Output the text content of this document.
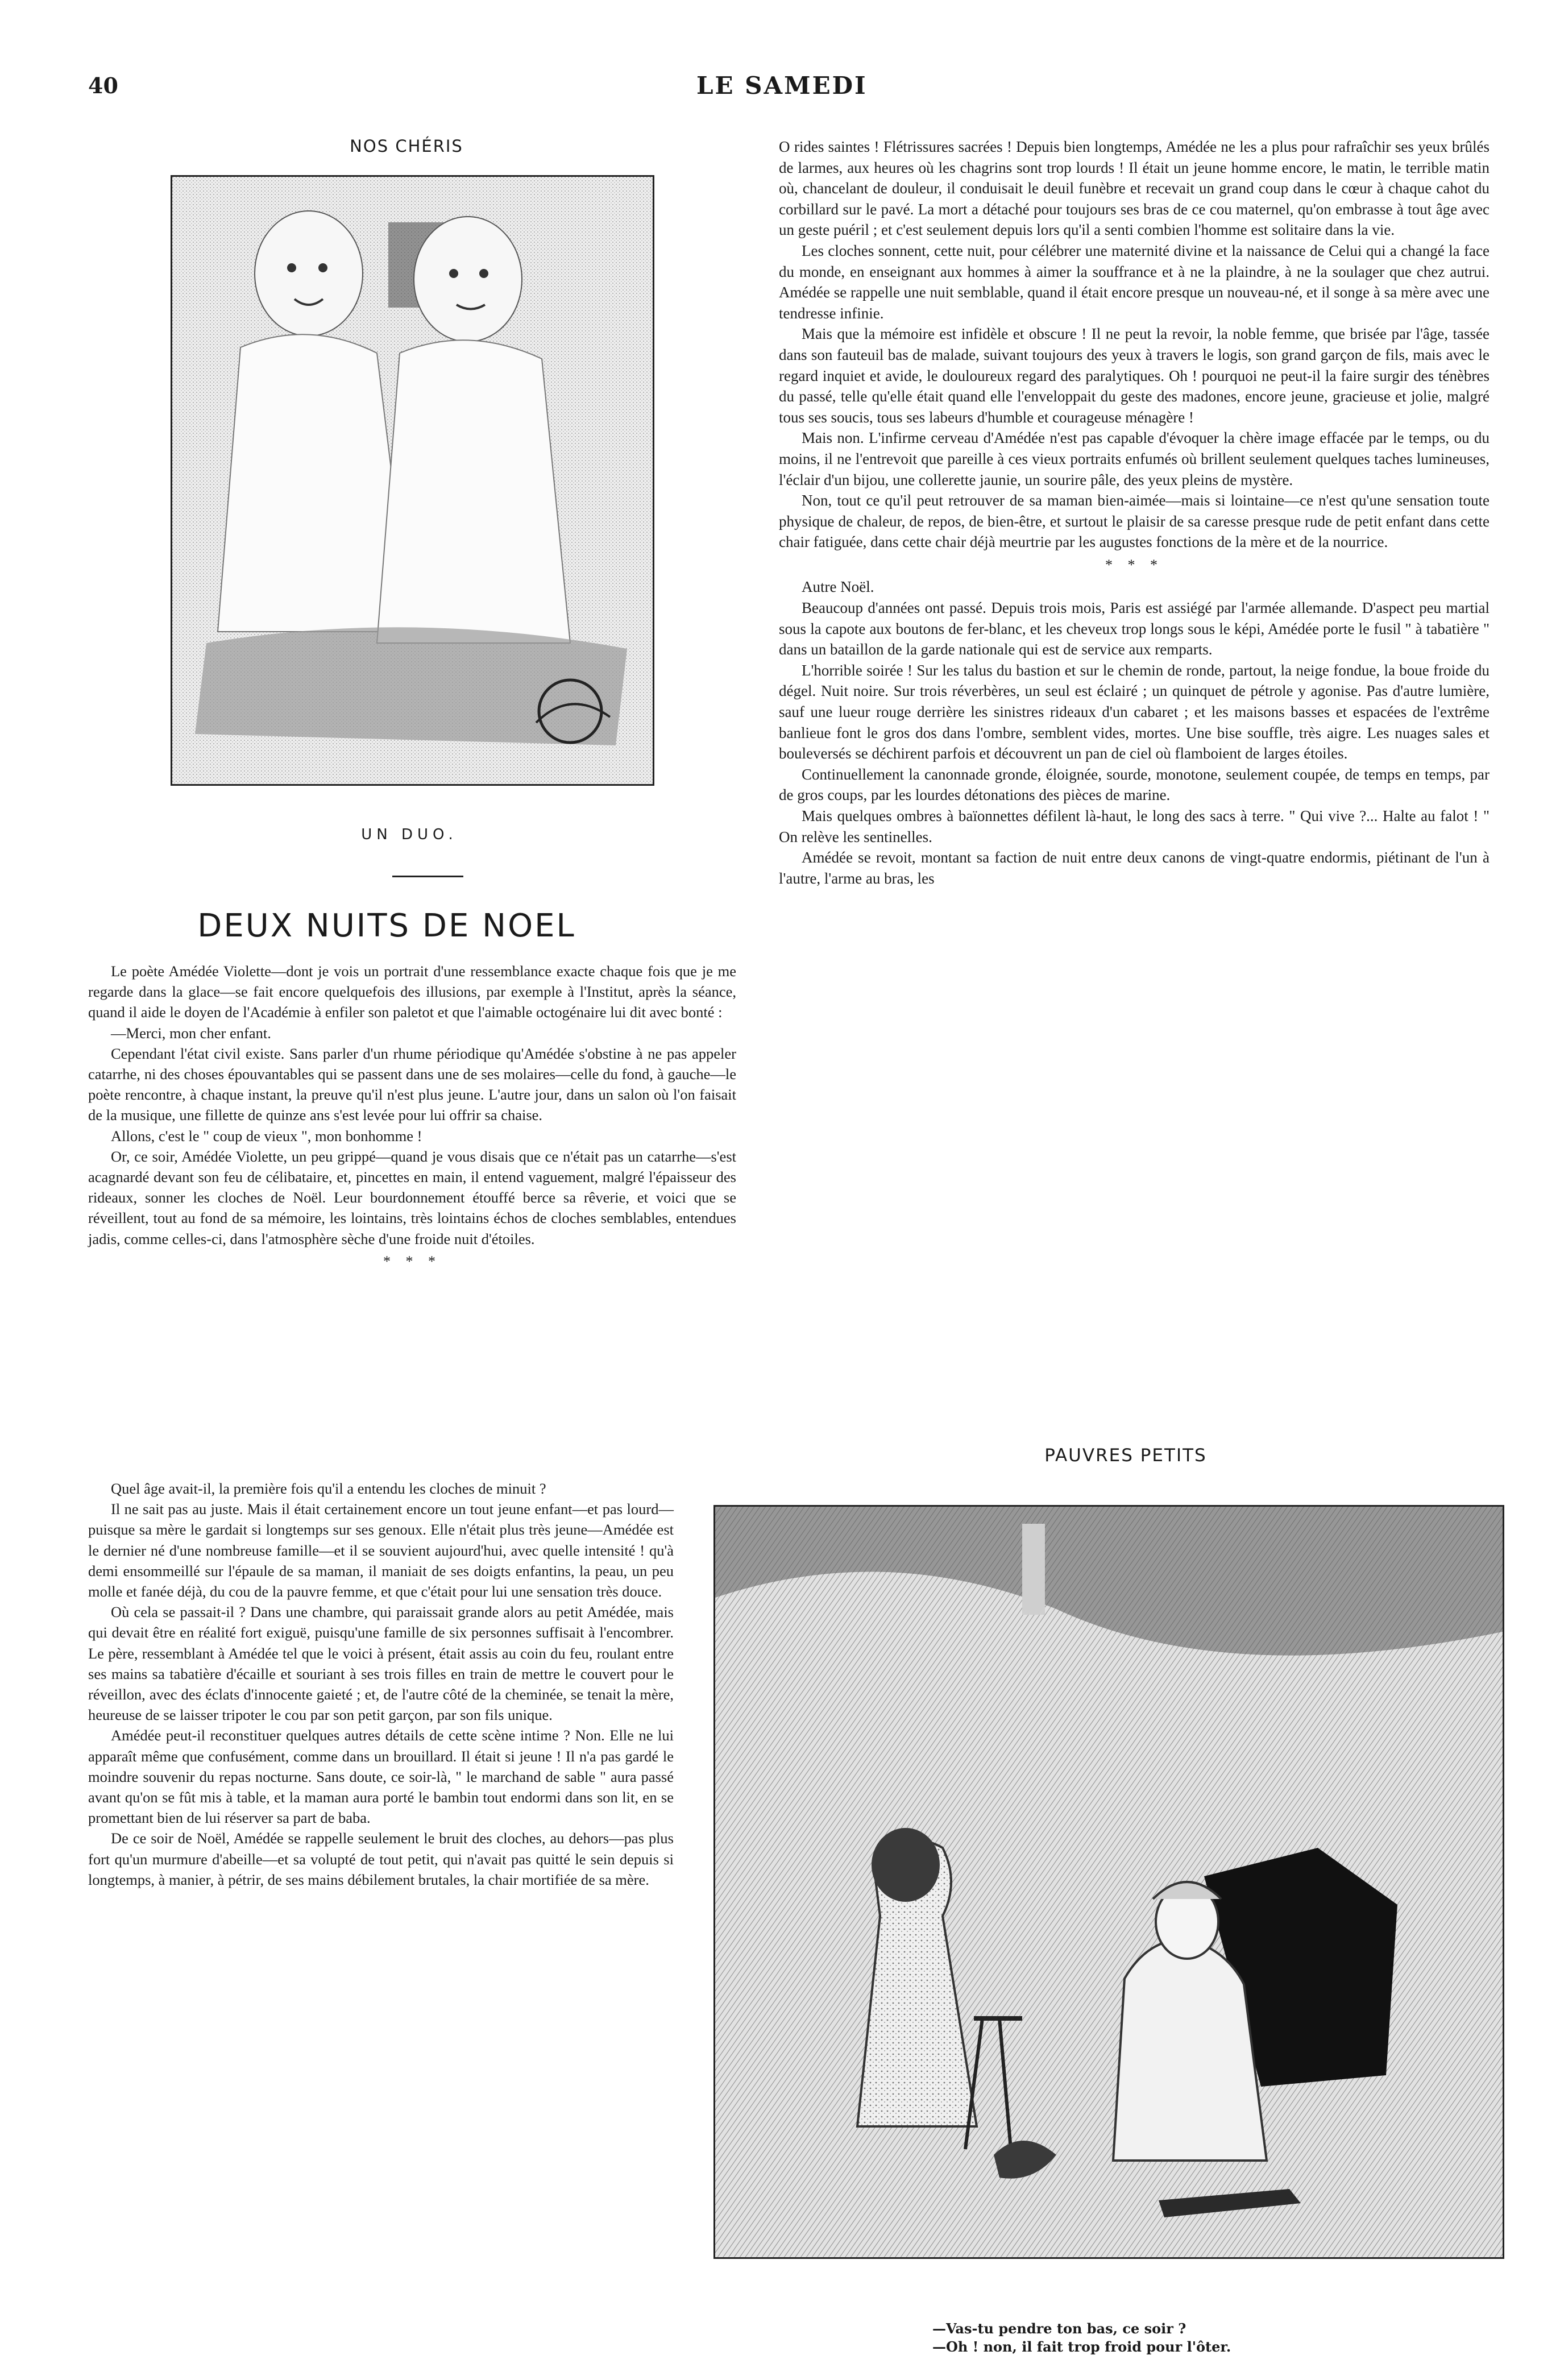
40	LE SAMEDI
NOS CHÉRIS
UN DUO.
DEUX NUITS DE NOEL

Le poète Amédée Violette—dont je vois un portrait d'une ressemblance exacte chaque fois que je me regarde dans la glace—se fait encore quelquefois des illusions, par exemple à l'Institut, après la séance, quand il aide le doyen de l'Académie à enfiler son paletot et que l'aimable octogénaire lui dit avec bonté :

—Merci, mon cher enfant.

Cependant l'état civil existe. Sans parler d'un rhume périodique qu'Amédée s'obstine à ne pas appeler catarrhe, ni des choses épouvantables qui se passent dans une de ses molaires—celle du fond, à gauche—le poète rencontre, à chaque instant, la preuve qu'il n'est plus jeune. L'autre jour, dans un salon où l'on faisait de la musique, une fillette de quinze ans s'est levée pour lui offrir sa chaise.

Allons, c'est le " coup de vieux ", mon bonhomme !

Or, ce soir, Amédée Violette, un peu grippé—quand je vous disais que ce n'était pas un catarrhe—s'est acagnardé devant son feu de célibataire, et, pincettes en main, il entend vaguement, malgré l'épaisseur des rideaux, sonner les cloches de Noël. Leur bourdonnement étouffé berce sa rêverie, et voici que se réveillent, tout au fond de sa mémoire, les lointains, très lointains échos de cloches semblables, entendues jadis, comme celles-ci, dans l'atmosphère sèche d'une froide nuit d'étoiles.

* * *

Quel âge avait-il, la première fois qu'il a entendu les cloches de minuit ?

Il ne sait pas au juste. Mais il était certainement encore un tout jeune enfant—et pas lourd—puisque sa mère le gardait si longtemps sur ses genoux. Elle n'était plus très jeune—Amédée est le dernier né d'une nombreuse famille—et il se souvient aujourd'hui, avec quelle intensité ! qu'à demi ensommeillé sur l'épaule de sa maman, il maniait de ses doigts enfantins, la peau, un peu molle et fanée déjà, du cou de la pauvre femme, et que c'était pour lui une sensation très douce.

Où cela se passait-il ? Dans une chambre, qui paraissait grande alors au petit Amédée, mais qui devait être en réalité fort exiguë, puisqu'une famille de six personnes suffisait à l'encombrer. Le père, ressemblant à Amédée tel que le voici à présent, était assis au coin du feu, roulant entre ses mains sa tabatière d'écaille et souriant à ses trois filles en train de mettre le couvert pour le réveillon, avec des éclats d'innocente gaieté ; et, de l'autre côté de la cheminée, se tenait la mère, heureuse de se laisser tripoter le cou par son petit garçon, par son fils unique.

Amédée peut-il reconstituer quelques autres détails de cette scène intime ? Non. Elle ne lui apparaît même que confusément, comme dans un brouillard. Il était si jeune ! Il n'a pas gardé le moindre souvenir du repas nocturne. Sans doute, ce soir-là, " le marchand de sable " aura passé avant qu'on se fût mis à table, et la maman aura porté le bambin tout endormi dans son lit, en se promettant bien de lui réserver sa part de baba.

De ce soir de Noël, Amédée se rappelle seulement le bruit des cloches, au dehors—pas plus fort qu'un murmure d'abeille—et sa volupté de tout petit, qui n'avait pas quitté le sein depuis si longtemps, à manier, à pétrir, de ses mains débilement brutales, la chair mortifiée de sa mère.

O rides saintes ! Flétrissures sacrées ! Depuis bien longtemps, Amédée ne les a plus pour rafraîchir ses yeux brûlés de larmes, aux heures où les chagrins sont trop lourds ! Il était un jeune homme encore, le matin, le terrible matin où, chancelant de douleur, il conduisait le deuil funèbre et recevait un grand coup dans le cœur à chaque cahot du corbillard sur le pavé. La mort a détaché pour toujours ses bras de ce cou maternel, qu'on embrasse à tout âge avec un geste puéril ; et c'est seulement depuis lors qu'il a senti combien l'homme est solitaire dans la vie.

Les cloches sonnent, cette nuit, pour célébrer une maternité divine et la naissance de Celui qui a changé la face du monde, en enseignant aux hommes à aimer la souffrance et à ne la plaindre, à ne la soulager que chez autrui. Amédée se rappelle une nuit semblable, quand il était encore presque un nouveau-né, et il songe à sa mère avec une tendresse infinie.

Mais que la mémoire est infidèle et obscure ! Il ne peut la revoir, la noble femme, que brisée par l'âge, tassée dans son fauteuil bas de malade, suivant toujours des yeux à travers le logis, son grand garçon de fils, mais avec le regard inquiet et avide, le douloureux regard des paralytiques. Oh ! pourquoi ne peut-il la faire surgir des ténèbres du passé, telle qu'elle était quand elle l'enveloppait du geste des madones, encore jeune, gracieuse et jolie, malgré tous ses soucis, tous ses labeurs d'humble et courageuse ménagère !

Mais non. L'infirme cerveau d'Amédée n'est pas capable d'évoquer la chère image effacée par le temps, ou du moins, il ne l'entrevoit que pareille à ces vieux portraits enfumés où brillent seulement quelques taches lumineuses, l'éclair d'un bijou, une collerette jaunie, un sourire pâle, des yeux pleins de mystère.

Non, tout ce qu'il peut retrouver de sa maman bien-aimée—mais si lointaine—ce n'est qu'une sensation toute physique de chaleur, de repos, de bien-être, et surtout le plaisir de sa caresse presque rude de petit enfant dans cette chair fatiguée, dans cette chair déjà meurtrie par les augustes fonctions de la mère et de la nourrice.

* * *

Autre Noël.

Beaucoup d'années ont passé. Depuis trois mois, Paris est assiégé par l'armée allemande. D'aspect peu martial sous la capote aux boutons de fer-blanc, et les cheveux trop longs sous le képi, Amédée porte le fusil " à tabatière " dans un bataillon de la garde nationale qui est de service aux remparts.

L'horrible soirée ! Sur les talus du bastion et sur le chemin de ronde, partout, la neige fondue, la boue froide du dégel. Nuit noire. Sur trois réverbères, un seul est éclairé ; un quinquet de pétrole y agonise. Pas d'autre lumière, sauf une lueur rouge derrière les sinistres rideaux d'un cabaret ; et les maisons basses et espacées de l'extrême banlieue font le gros dos dans l'ombre, semblent vides, mortes. Une bise souffle, très aigre. Les nuages sales et bouleversés se déchirent parfois et découvrent un pan de ciel où flamboient de larges étoiles.

Continuellement la canonnade gronde, éloignée, sourde, monotone, seulement coupée, de temps en temps, par de gros coups, par les lourdes détonations des pièces de marine.

Mais quelques ombres à baïonnettes défilent là-haut, le long des sacs à terre. " Qui vive ?... Halte au falot ! " On relève les sentinelles.

Amédée se revoit, montant sa faction de nuit entre deux canons de vingt-quatre endormis, piétinant de l'un à l'autre, l'arme au bras, les

PAUVRES PETITS
—Vas-tu pendre ton bas, ce soir ?
—Oh ! non, il fait trop froid pour l'ôter.
